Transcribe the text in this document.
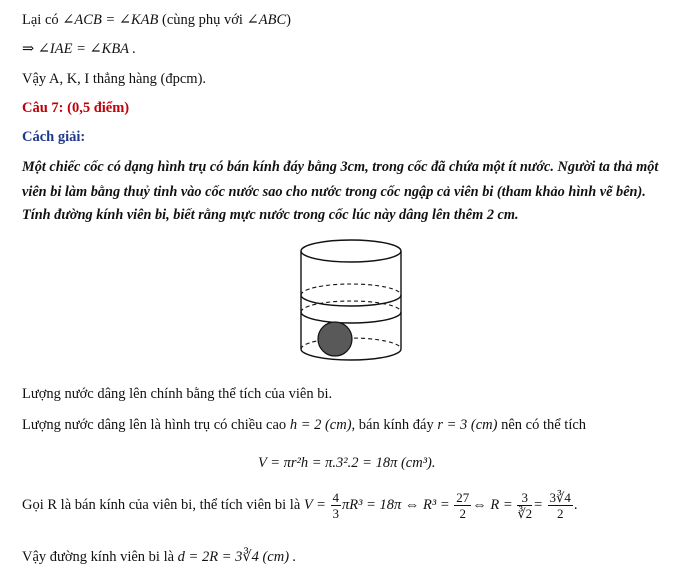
Lại có ∠ACB = ∠KAB (cùng phụ với ∠ABC)
⇒ ∠IAE = ∠KBA .
Vậy A, K, I thẳng hàng (đpcm).
Câu 7: (0,5 điểm)
Cách giải:
Một chiếc cốc có dạng hình trụ có bán kính đáy bằng 3cm, trong cốc đã chứa một ít nước. Người ta thả một
viên bi làm bằng thuỷ tinh vào cốc nước sao cho nước trong cốc ngập cả viên bi (tham khảo hình vẽ bên).
Tính đường kính viên bi, biết rằng mực nước trong cốc lúc này dâng lên thêm 2 cm.
Lượng nước dâng lên chính bằng thể tích của viên bi.
Lượng nước dâng lên là hình trụ có chiều cao h = 2 (cm), bán kính đáy r = 3 (cm) nên có thể tích
V = πr²h = π.3².2 = 18π (cm³).
Gọi R là bán kính của viên bi, thể tích viên bi là $V = \frac{4}{3} \pi R^3 = 18\pi$ ⇔ $R^3 = \frac{27}{2}$ ⇔ $R = \frac{3}{∛2} = \frac{3∛4}{2}$ .
Vậy đường kính viên bi là d = 2R = 3∛4 (cm) .
